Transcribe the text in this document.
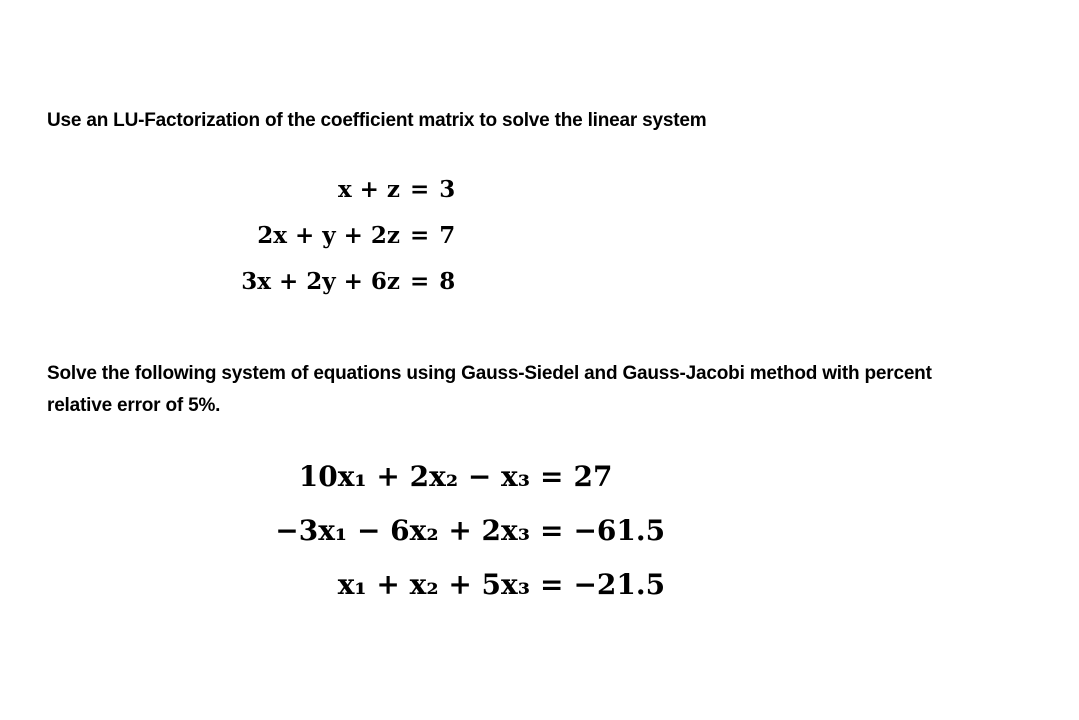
Use an LU-Factorization of the coefficient matrix to solve the linear system
x + z = 3
2x + y + 2z = 7
3x + 2y + 6z = 8
Solve the following system of equations using Gauss-Siedel and Gauss-Jacobi method with percent
relative error of 5%.
10x₁ + 2x₂ − x₃ = 27
−3x₁ − 6x₂ + 2x₃ = −61.5
x₁ + x₂ + 5x₃ = −21.5
